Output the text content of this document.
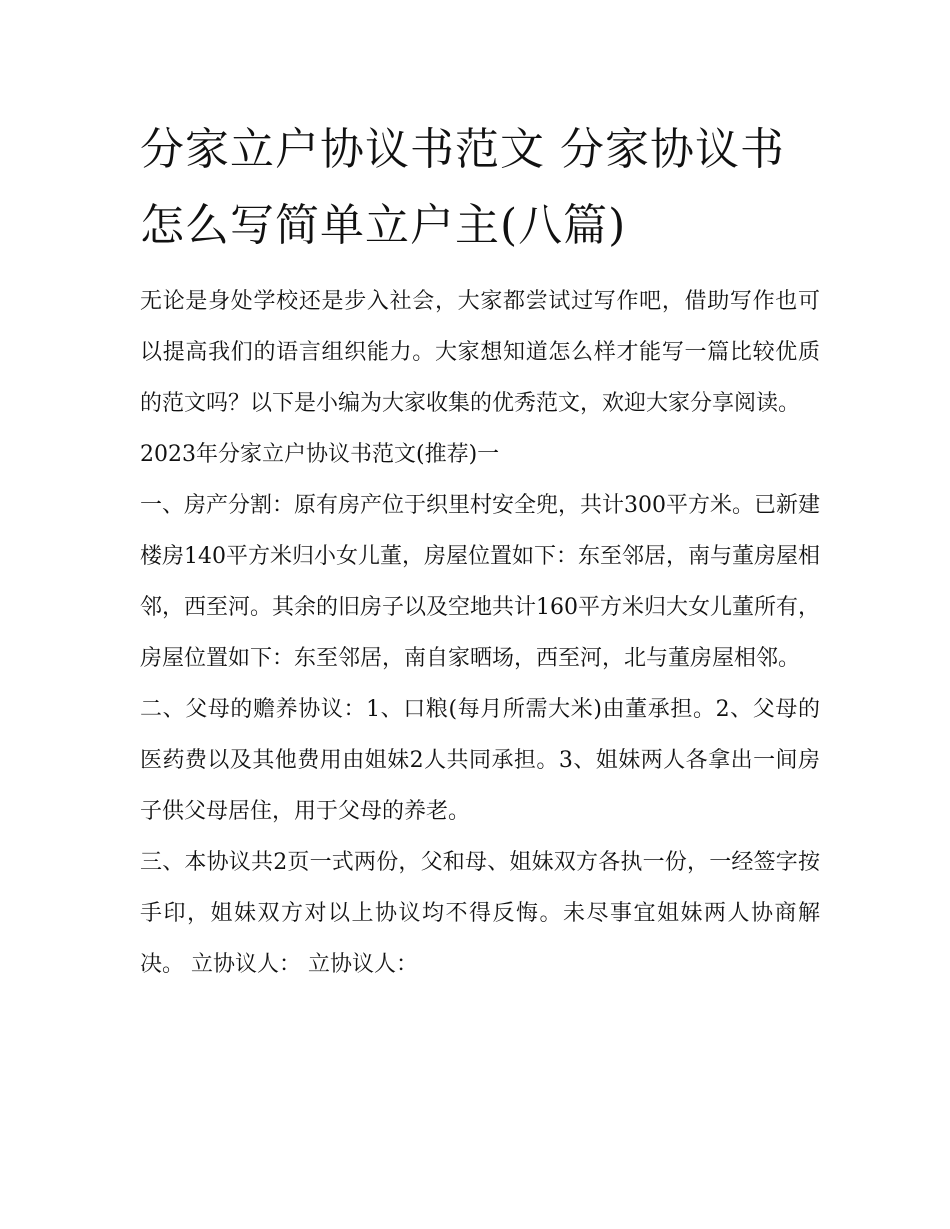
分家立户协议书范文 分家协议书怎么写简单立户主(八篇)

无论是身处学校还是步入社会，大家都尝试过写作吧，借助写作也可以提高我们的语言组织能力。大家想知道怎么样才能写一篇比较优质的范文吗？以下是小编为大家收集的优秀范文，欢迎大家分享阅读。

2023年分家立户协议书范文(推荐)一

一、房产分割：原有房产位于织里村安全兜，共计300平方米。已新建楼房140平方米归小女儿董，房屋位置如下：东至邻居，南与董房屋相邻，西至河。其余的旧房子以及空地共计160平方米归大女儿董所有，房屋位置如下：东至邻居，南自家晒场，西至河，北与董房屋相邻。

二、父母的赡养协议：1、口粮(每月所需大米)由董承担。2、父母的医药费以及其他费用由姐妹2人共同承担。3、姐妹两人各拿出一间房子供父母居住，用于父母的养老。

三、本协议共2页一式两份，父和母、姐妹双方各执一份，一经签字按手印，姐妹双方对以上协议均不得反悔。未尽事宜姐妹两人协商解决。 立协议人： 立协议人：
